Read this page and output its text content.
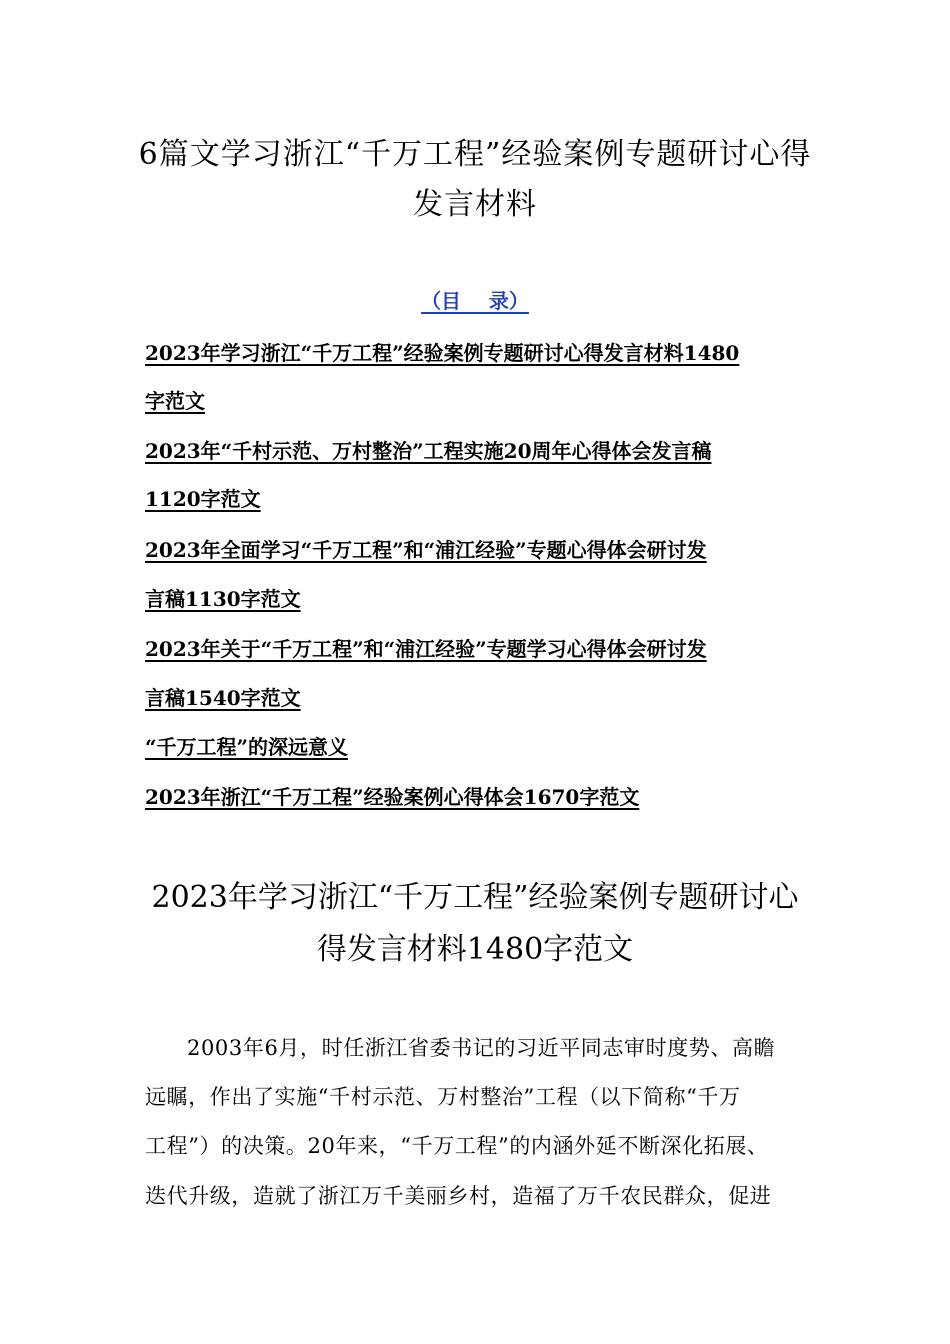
6篇文学习浙江“千万工程”经验案例专题研讨心得
发言材料
（目    录）
2023年学习浙江“千万工程”经验案例专题研讨心得发言材料1480
字范文
2023年“千村示范、万村整治”工程实施20周年心得体会发言稿
1120字范文
2023年全面学习“千万工程”和“浦江经验”专题心得体会研讨发
言稿1130字范文
2023年关于“千万工程”和“浦江经验”专题学习心得体会研讨发
言稿1540字范文
“千万工程”的深远意义
2023年浙江“千万工程”经验案例心得体会1670字范文
2023年学习浙江“千万工程”经验案例专题研讨心
得发言材料1480字范文
2003年6月，时任浙江省委书记的习近平同志审时度势、高瞻
远瞩，作出了实施“千村示范、万村整治”工程（以下简称“千万
工程”）的决策。20年来，“千万工程”的内涵外延不断深化拓展、
迭代升级，造就了浙江万千美丽乡村，造福了万千农民群众，促进
